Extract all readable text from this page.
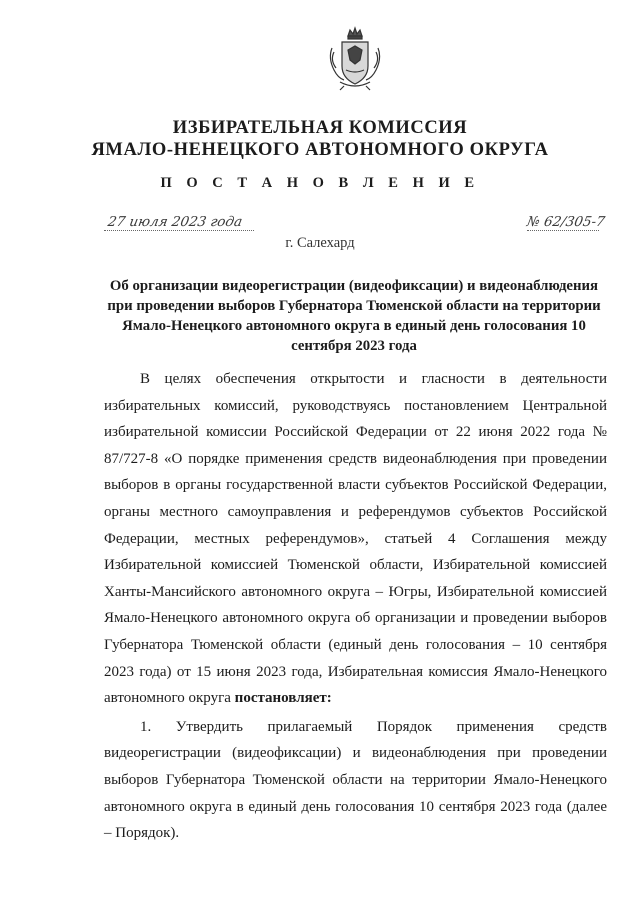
ИЗБИРАТЕЛЬНАЯ КОМИССИЯ
ЯМАЛО-НЕНЕЦКОГО АВТОНОМНОГО ОКРУГА
П О С Т А Н О В Л Е Н И Е
27 июля 2023 года	№ 62/305-7
г. Салехард
Об организации видеорегистрации (видеофиксации) и видеонаблюдения при проведении выборов Губернатора Тюменской области на территории Ямало-Ненецкого автономного округа в единый день голосования 10 сентября 2023 года

В целях обеспечения открытости и гласности в деятельности избирательных комиссий, руководствуясь постановлением Центральной избирательной комиссии Российской Федерации от 22 июня 2022 года № 87/727-8 «О порядке применения средств видеонаблюдения при проведении выборов в органы государственной власти субъектов Российской Федерации, органы местного самоуправления и референдумов субъектов Российской Федерации, местных референдумов», статьей 4 Соглашения между Избирательной комиссией Тюменской области, Избирательной комиссией Ханты-Мансийского автономного округа – Югры, Избирательной комиссией Ямало-Ненецкого автономного округа об организации и проведении выборов Губернатора Тюменской области (единый день голосования – 10 сентября 2023 года) от 15 июня 2023 года, Избирательная комиссия Ямало-Ненецкого автономного округа постановляет:

1. Утвердить прилагаемый Порядок применения средств видеорегистрации (видеофиксации) и видеонаблюдения при проведении выборов Губернатора Тюменской области на территории Ямало-Ненецкого автономного округа в единый день голосования 10 сентября 2023 года (далее – Порядок).
